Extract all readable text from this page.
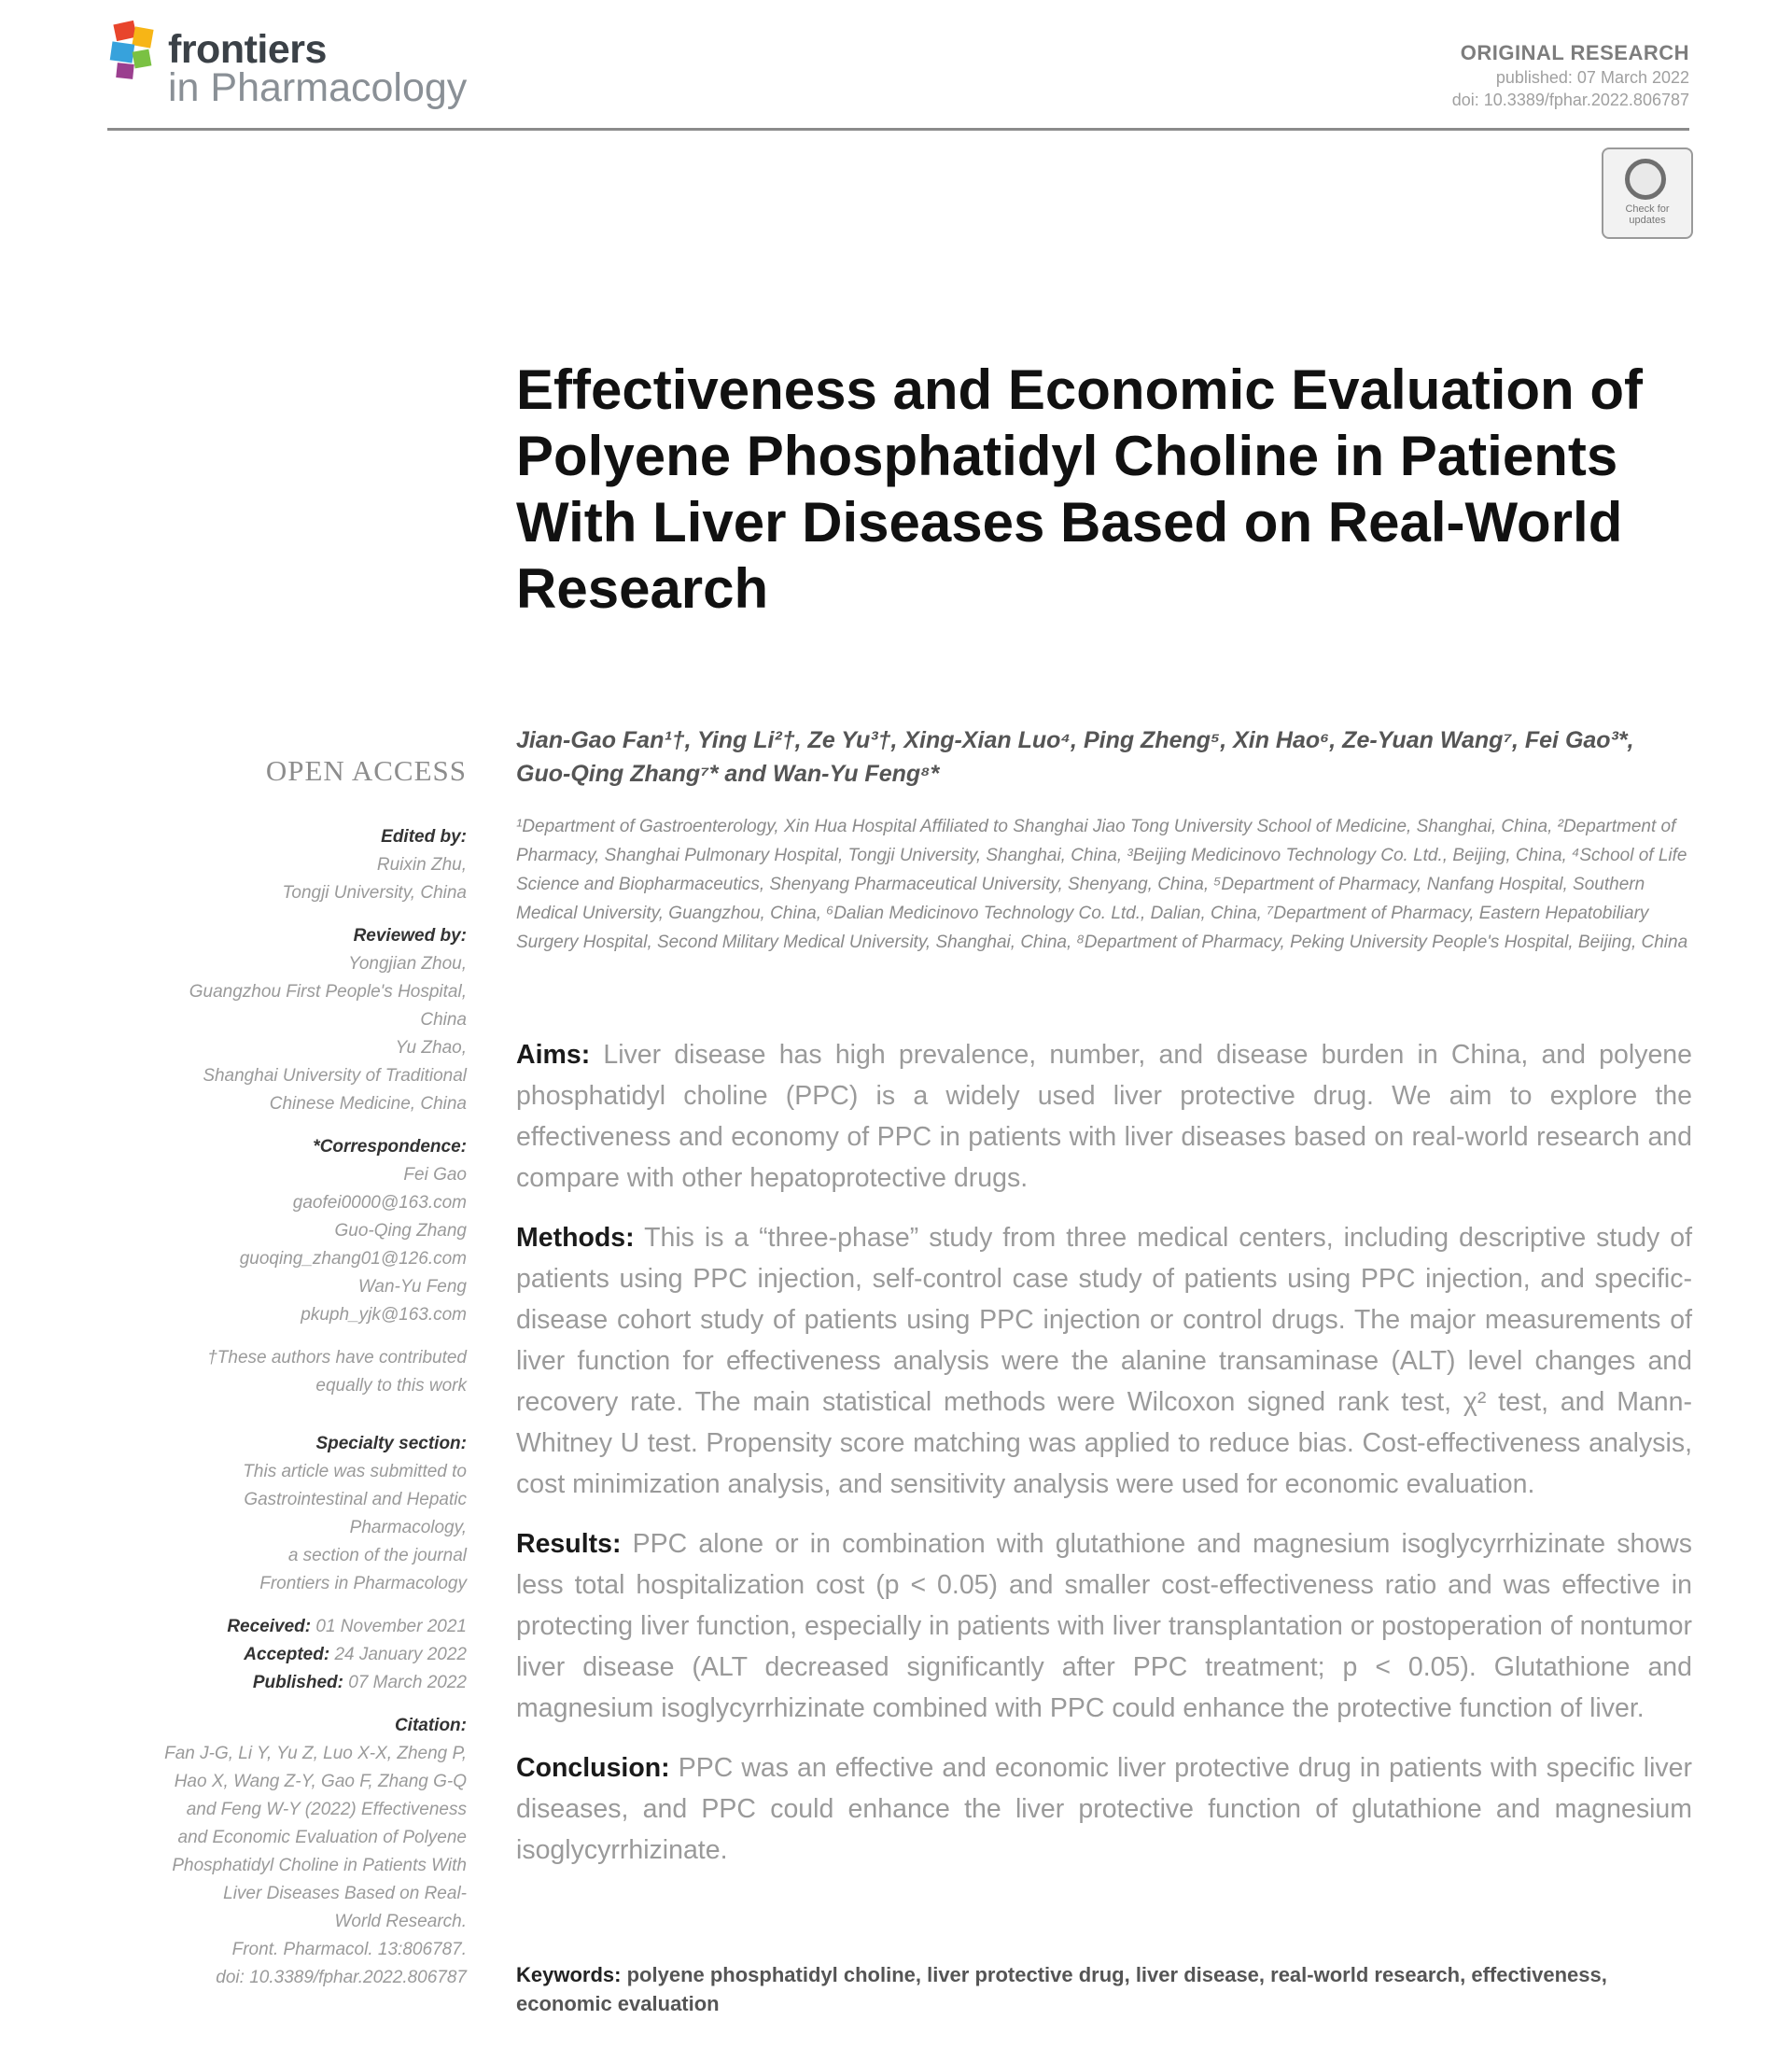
frontiers
in Pharmacology
ORIGINAL RESEARCH
published: 07 March 2022
doi: 10.3389/fphar.2022.806787
Check for updates
Effectiveness and Economic Evaluation of Polyene Phosphatidyl Choline in Patients With Liver Diseases Based on Real-World Research
Jian-Gao Fan¹†, Ying Li²†, Ze Yu³†, Xing-Xian Luo⁴, Ping Zheng⁵, Xin Hao⁶, Ze-Yuan Wang⁷, Fei Gao³*, Guo-Qing Zhang⁷* and Wan-Yu Feng⁸*
¹Department of Gastroenterology, Xin Hua Hospital Affiliated to Shanghai Jiao Tong University School of Medicine, Shanghai, China, ²Department of Pharmacy, Shanghai Pulmonary Hospital, Tongji University, Shanghai, China, ³Beijing Medicinovo Technology Co. Ltd., Beijing, China, ⁴School of Life Science and Biopharmaceutics, Shenyang Pharmaceutical University, Shenyang, China, ⁵Department of Pharmacy, Nanfang Hospital, Southern Medical University, Guangzhou, China, ⁶Dalian Medicinovo Technology Co. Ltd., Dalian, China, ⁷Department of Pharmacy, Eastern Hepatobiliary Surgery Hospital, Second Military Medical University, Shanghai, China, ⁸Department of Pharmacy, Peking University People's Hospital, Beijing, China
OPEN ACCESS
Edited by:
Ruixin Zhu,
Tongji University, China
Reviewed by:
Yongjian Zhou,
Guangzhou First People's Hospital,
China
Yu Zhao,
Shanghai University of Traditional
Chinese Medicine, China
*Correspondence:
Fei Gao
gaofei0000@163.com
Guo-Qing Zhang
guoqing_zhang01@126.com
Wan-Yu Feng
pkuph_yjk@163.com
†These authors have contributed
equally to this work
Specialty section:
This article was submitted to
Gastrointestinal and Hepatic
Pharmacology,
a section of the journal
Frontiers in Pharmacology
Received: 01 November 2021
Accepted: 24 January 2022
Published: 07 March 2022
Citation:
Fan J-G, Li Y, Yu Z, Luo X-X, Zheng P,
Hao X, Wang Z-Y, Gao F, Zhang G-Q
and Feng W-Y (2022) Effectiveness
and Economic Evaluation of Polyene
Phosphatidyl Choline in Patients With
Liver Diseases Based on Real-
World Research.
Front. Pharmacol. 13:806787.
doi: 10.3389/fphar.2022.806787

Aims: Liver disease has high prevalence, number, and disease burden in China, and polyene phosphatidyl choline (PPC) is a widely used liver protective drug. We aim to explore the effectiveness and economy of PPC in patients with liver diseases based on real-world research and compare with other hepatoprotective drugs.

Methods: This is a “three-phase” study from three medical centers, including descriptive study of patients using PPC injection, self-control case study of patients using PPC injection, and specific-disease cohort study of patients using PPC injection or control drugs. The major measurements of liver function for effectiveness analysis were the alanine transaminase (ALT) level changes and recovery rate. The main statistical methods were Wilcoxon signed rank test, χ² test, and Mann-Whitney U test. Propensity score matching was applied to reduce bias. Cost-effectiveness analysis, cost minimization analysis, and sensitivity analysis were used for economic evaluation.

Results: PPC alone or in combination with glutathione and magnesium isoglycyrrhizinate shows less total hospitalization cost (p < 0.05) and smaller cost-effectiveness ratio and was effective in protecting liver function, especially in patients with liver transplantation or postoperation of nontumor liver disease (ALT decreased significantly after PPC treatment; p < 0.05). Glutathione and magnesium isoglycyrrhizinate combined with PPC could enhance the protective function of liver.

Conclusion: PPC was an effective and economic liver protective drug in patients with specific liver diseases, and PPC could enhance the liver protective function of glutathione and magnesium isoglycyrrhizinate.

Keywords: polyene phosphatidyl choline, liver protective drug, liver disease, real-world research, effectiveness, economic evaluation
